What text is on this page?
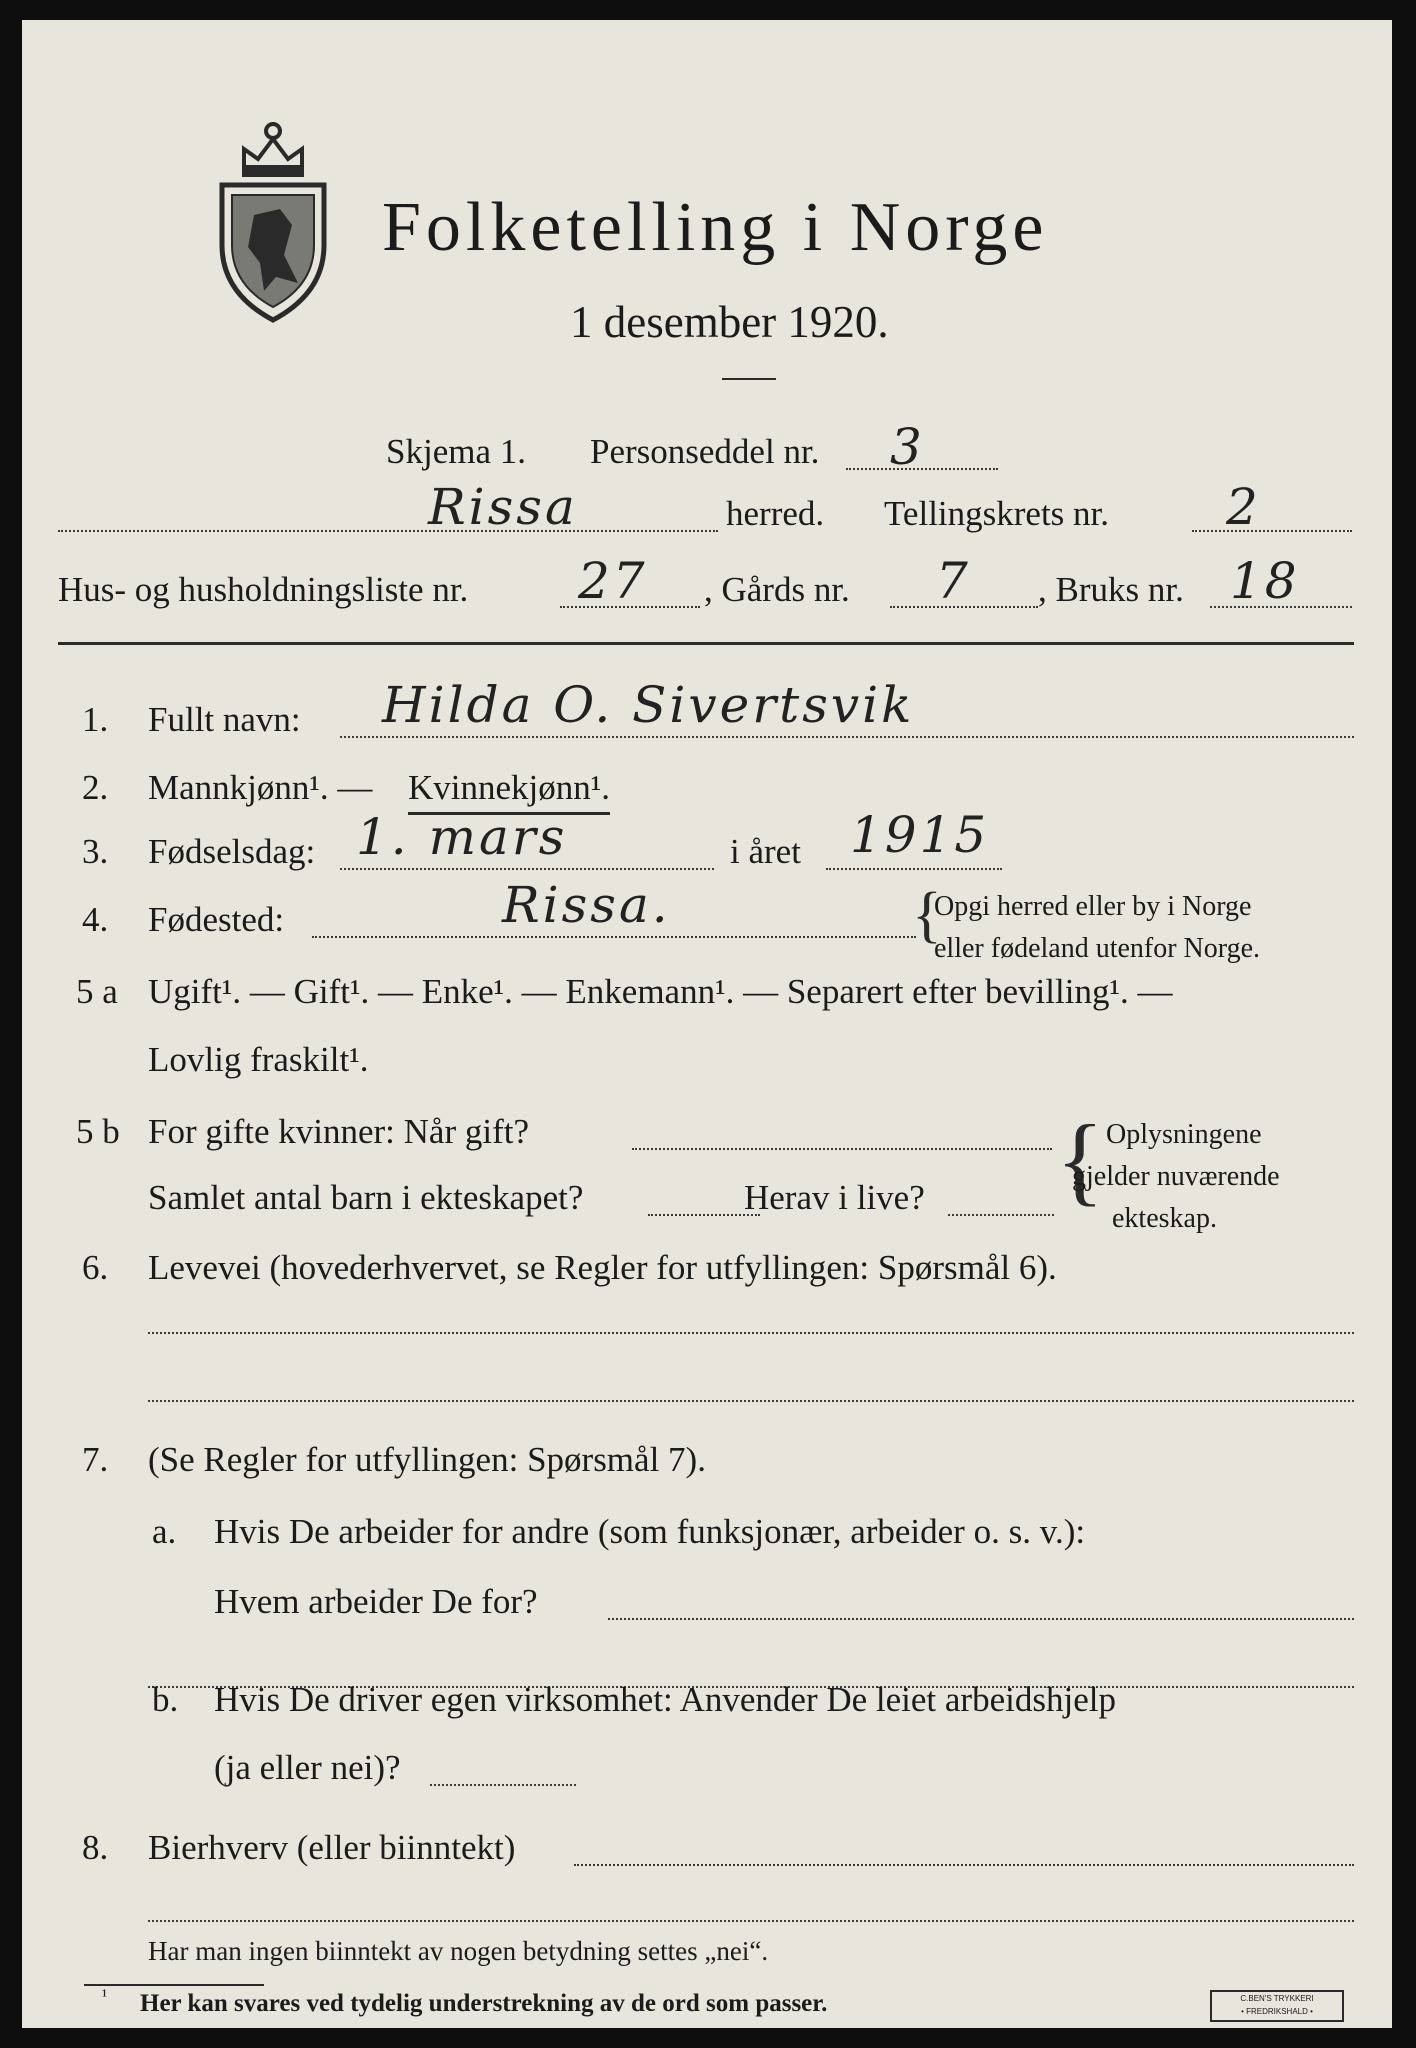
Folketelling i Norge
1 desember 1920.
Skjema 1. Personseddel nr. 3
Rissa	herred. Tellingskrets nr. 2
Hus- og husholdningsliste nr. 27 , Gårds nr. 7 , Bruks nr. 18
1. Fullt navn: Hilda O. Sivertsvik
2. Mannkjønn¹. — Kvinnekjønn¹.
3. Fødselsdag: 1. mars	i året 1915
4. Fødested:	Rissa.	{
Opgi herred eller by i Norge
eller fødeland utenfor Norge.
5 a Ugift¹. — Gift¹. — Enke¹. — Enkemann¹. — Separert efter bevilling¹. —
Lovlig fraskilt¹.
5 b For gifte kvinner: Når gift?
Samlet antal barn i ekteskapet?	Herav i live? { Oplysningene
gjelder nuværende
ekteskap.
6. Levevei (hovederhvervet, se Regler for utfyllingen: Spørsmål 6).
7. (Se Regler for utfyllingen: Spørsmål 7).
a. Hvis De arbeider for andre (som funksjonær, arbeider o. s. v.):
Hvem arbeider De for?
b. Hvis De driver egen virksomhet: Anvender De leiet arbeidshjelp
(ja eller nei)?
8. Bierhverv (eller biinntekt)
Har man ingen biinntekt av nogen betydning settes „nei“.
¹ Her kan svares ved tydelig understrekning av de ord som passer.	C.BEN'S TRYKKERI
• FREDRIKSHALD •
